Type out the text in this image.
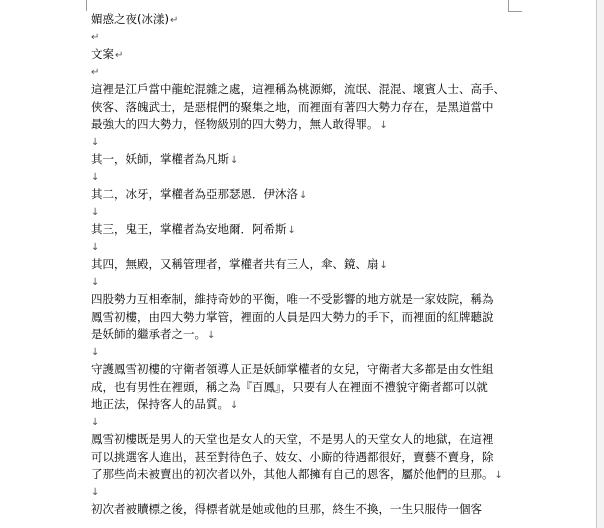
媚惑之夜(冰漾)↵
↵
文案↵
↵
這裡是江戶當中龍蛇混雜之處，這裡稱為桃源鄉，流氓、混混、壞賓人士、高手、
俠客、落魄武士，是惡棍們的聚集之地，而裡面有著四大勢力存在，是黑道當中
最強大的四大勢力，怪物級別的四大勢力，無人敢得罪。↓
↓
其一，妖師，掌權者為凡斯↓
↓
其二，冰牙，掌權者為亞那瑟恩．伊沐洛↓
↓
其三，鬼王，掌權者為安地爾．阿希斯↓
↓
其四，無殿，又稱管理者，掌權者共有三人，傘、鏡、扇↓
↓
四股勢力互相牽制，維持奇妙的平衡，唯一不受影響的地方就是一家妓院，稱為
鳳雪初樓，由四大勢力掌管，裡面的人員是四大勢力的手下，而裡面的紅牌聽說
是妖師的繼承者之一。↓
↓
守護鳳雪初樓的守衛者領導人正是妖師掌權者的女兒，守衛者大多都是由女性組
成，也有男性在裡頭，稱之為『百鳳』，只要有人在裡面不禮貌守衛者都可以就
地正法，保持客人的品質。↓
↓
鳳雪初樓既是男人的天堂也是女人的天堂，不是男人的天堂女人的地獄，在這裡
可以挑選客人進出，甚至對待色子、妓女、小廝的待遇都很好，賣藝不賣身，除
了那些尚未被賣出的初次者以外，其他人都擁有自己的恩客，屬於他們的旦那。↓
↓
初次者被贖標之後，得標者就是她或他的旦那，終生不換，一生只服侍一個客
